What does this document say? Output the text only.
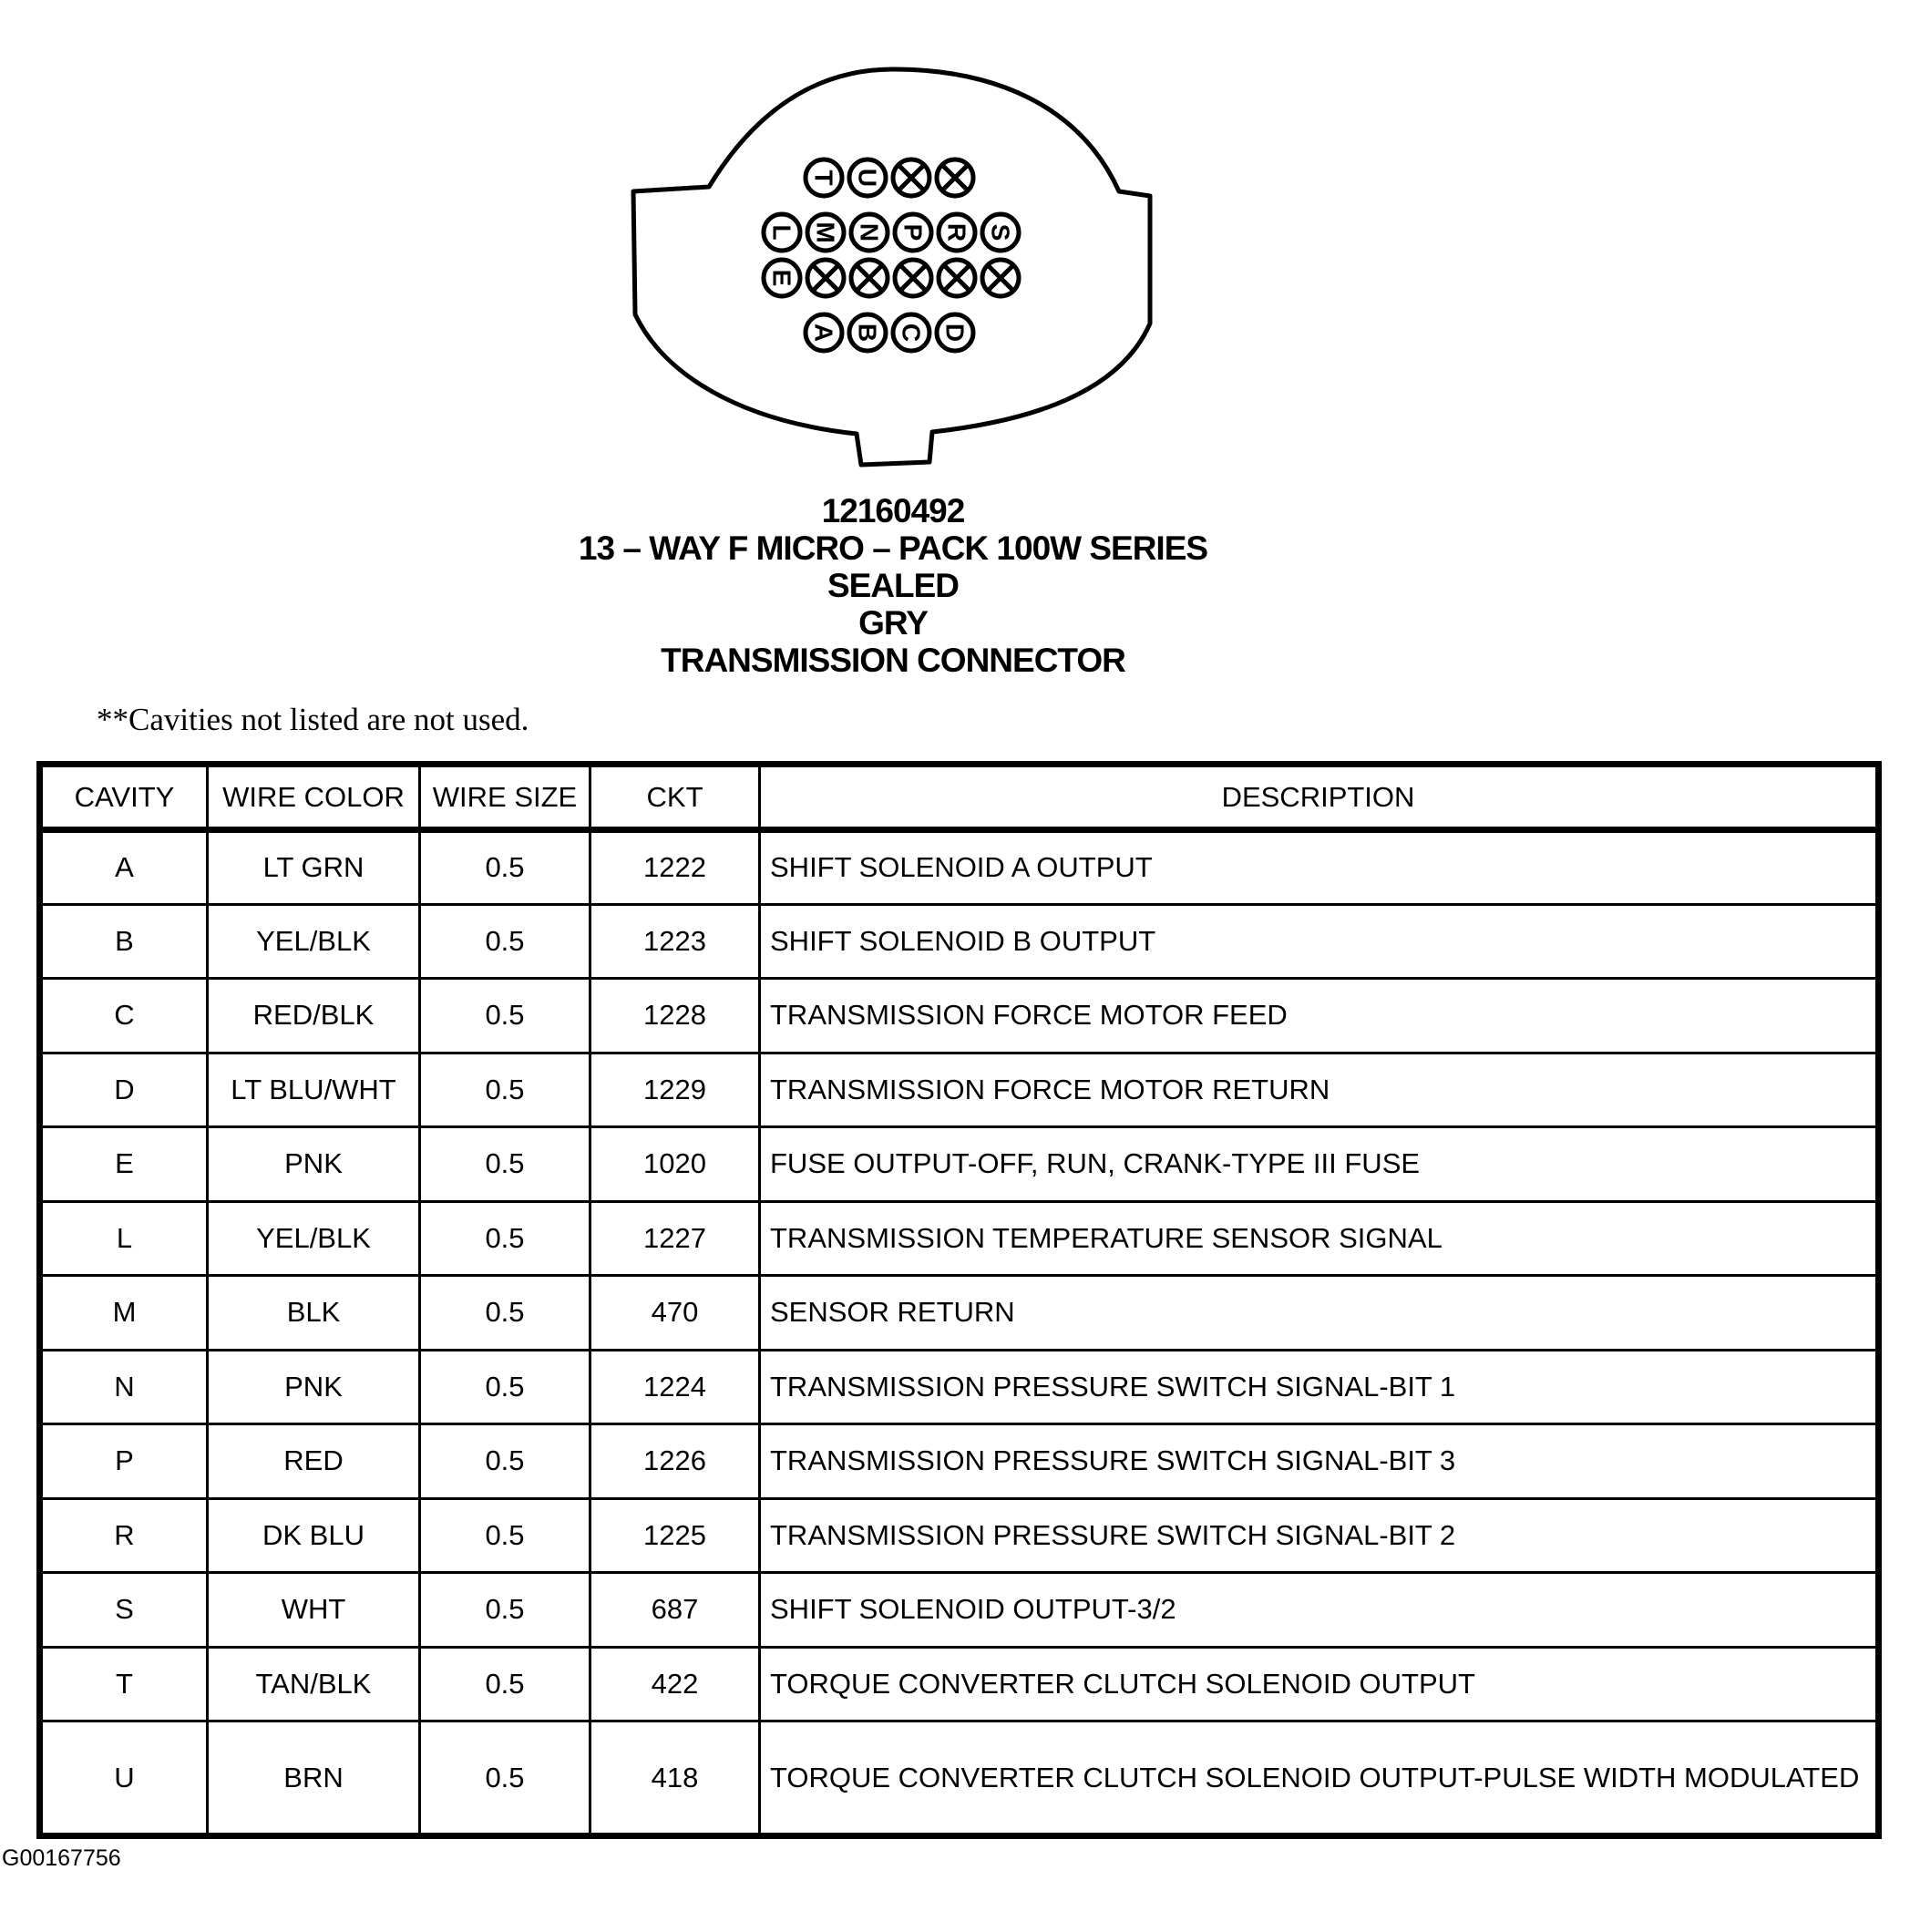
T U
L M N P R S
E
A B C D
12160492
13 – WAY F MICRO – PACK 100W SERIES
SEALED
GRY
TRANSMISSION CONNECTOR
**Cavities not listed are not used.
CAVITY	WIRE COLOR	WIRE SIZE	CKT	DESCRIPTION
A	LT GRN	0.5	1222	SHIFT SOLENOID A OUTPUT
B	YEL/BLK	0.5	1223	SHIFT SOLENOID B OUTPUT
C	RED/BLK	0.5	1228	TRANSMISSION FORCE MOTOR FEED
D	LT BLU/WHT	0.5	1229	TRANSMISSION FORCE MOTOR RETURN
E	PNK	0.5	1020	FUSE OUTPUT-OFF, RUN, CRANK-TYPE III FUSE
L	YEL/BLK	0.5	1227	TRANSMISSION TEMPERATURE SENSOR SIGNAL
M	BLK	0.5	470	SENSOR RETURN
N	PNK	0.5	1224	TRANSMISSION PRESSURE SWITCH SIGNAL-BIT 1
P	RED	0.5	1226	TRANSMISSION PRESSURE SWITCH SIGNAL-BIT 3
R	DK BLU	0.5	1225	TRANSMISSION PRESSURE SWITCH SIGNAL-BIT 2
S	WHT	0.5	687	SHIFT SOLENOID OUTPUT-3/2
T	TAN/BLK	0.5	422	TORQUE CONVERTER CLUTCH SOLENOID OUTPUT
U	BRN	0.5	418	TORQUE CONVERTER CLUTCH SOLENOID OUTPUT-PULSE WIDTH MODULATED
G00167756
